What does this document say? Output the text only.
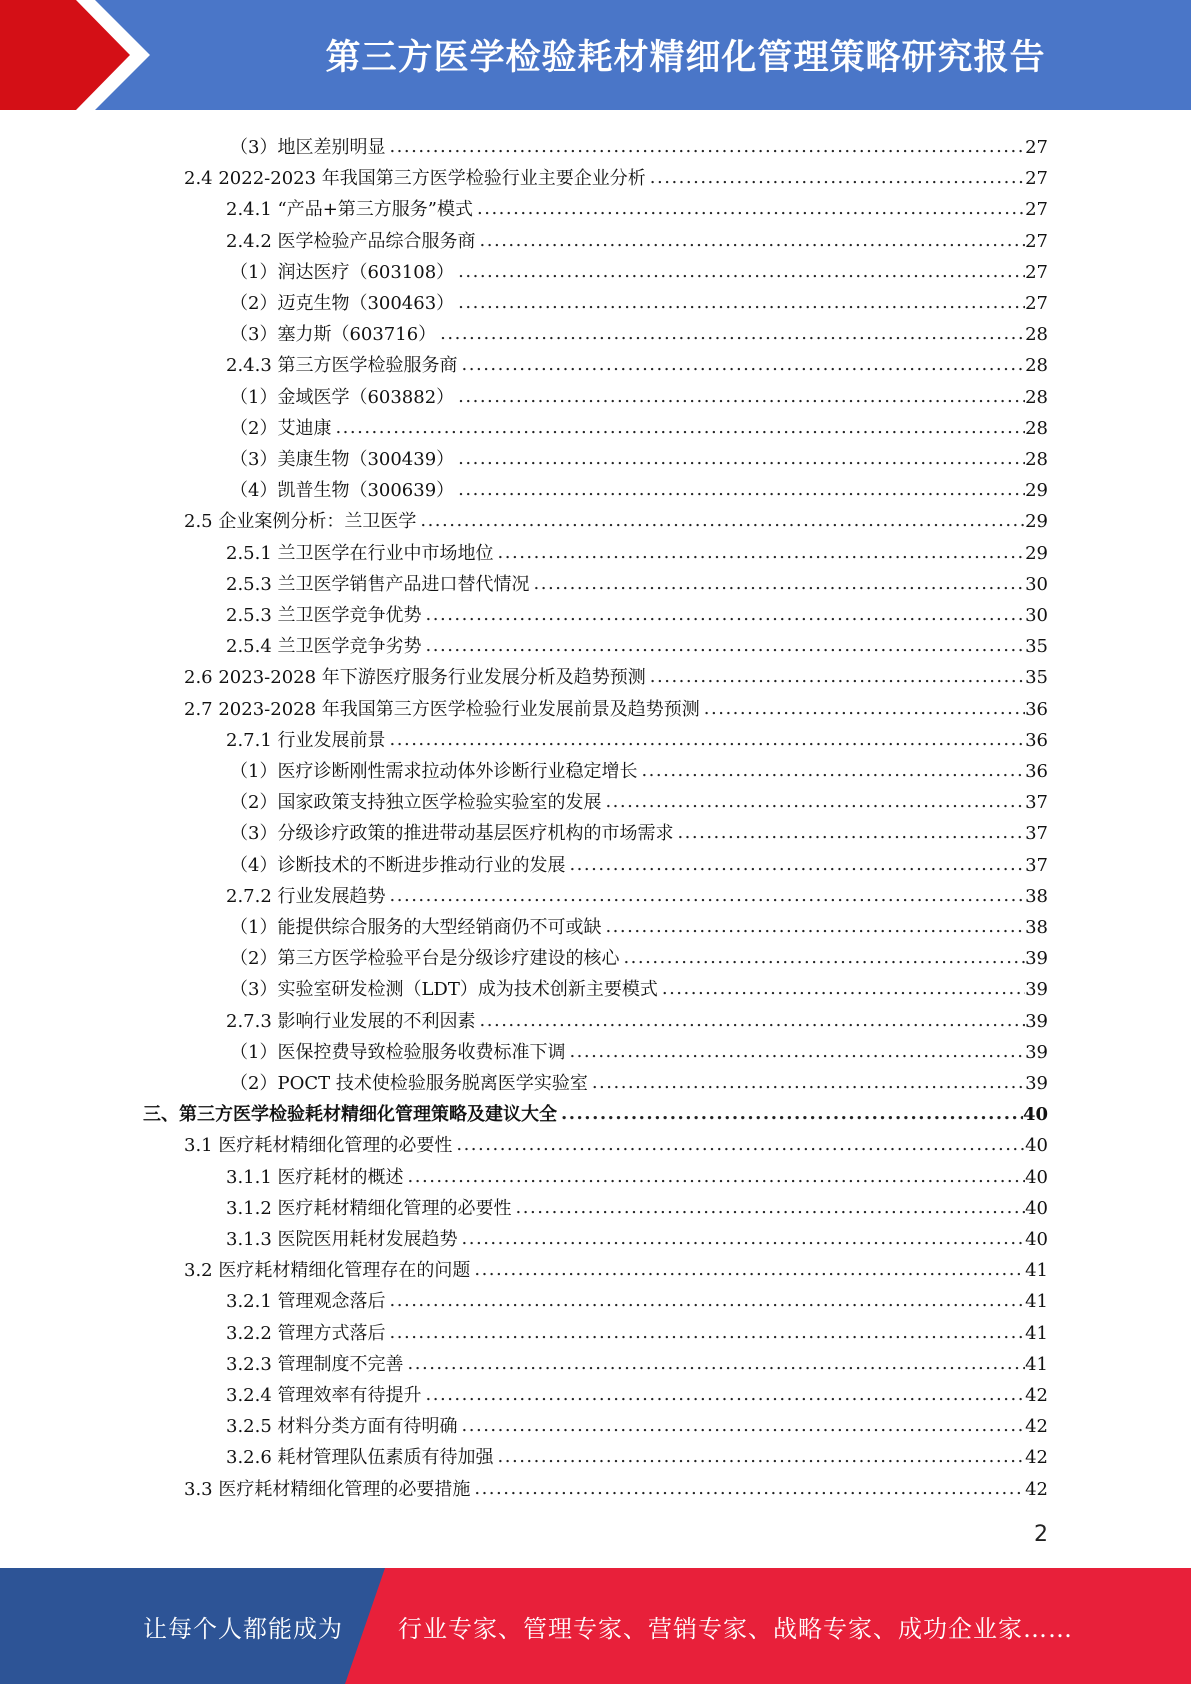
第三方医学检验耗材精细化管理策略研究报告
（3）地区差别明显 .....	27
2.4 2022-2023 年我国第三方医学检验行业主要企业分析 .....	27
2.4.1 “产品+第三方服务”模式 .....	27
2.4.2 医学检验产品综合服务商 .....	27
（1）润达医疗（603108） .....	27
（2）迈克生物（300463） .....	27
（3）塞力斯（603716） .....	28
2.4.3 第三方医学检验服务商 .....	28
（1）金域医学（603882） .....	28
（2）艾迪康 .....	28
（3）美康生物（300439） .....	28
（4）凯普生物（300639） .....	29
2.5 企业案例分析：兰卫医学 .....	29
2.5.1 兰卫医学在行业中市场地位 .....	29
2.5.3 兰卫医学销售产品进口替代情况 .....	30
2.5.3 兰卫医学竞争优势 .....	30
2.5.4 兰卫医学竞争劣势 .....	35
2.6 2023-2028 年下游医疗服务行业发展分析及趋势预测 .....	35
2.7 2023-2028 年我国第三方医学检验行业发展前景及趋势预测 .....	36
2.7.1 行业发展前景 .....	36
（1）医疗诊断刚性需求拉动体外诊断行业稳定增长 .....	36
（2）国家政策支持独立医学检验实验室的发展 .....	37
（3）分级诊疗政策的推进带动基层医疗机构的市场需求 .....	37
（4）诊断技术的不断进步推动行业的发展 .....	37
2.7.2 行业发展趋势 .....	38
（1）能提供综合服务的大型经销商仍不可或缺 .....	38
（2）第三方医学检验平台是分级诊疗建设的核心 .....	39
（3）实验室研发检测（LDT）成为技术创新主要模式 .....	39
2.7.3 影响行业发展的不利因素 .....	39
（1）医保控费导致检验服务收费标准下调 .....	39
（2）POCT 技术使检验服务脱离医学实验室 .....	39
三、第三方医学检验耗材精细化管理策略及建议大全 .....	40
3.1 医疗耗材精细化管理的必要性 .....	40
3.1.1 医疗耗材的概述 .....	40
3.1.2 医疗耗材精细化管理的必要性 .....	40
3.1.3 医院医用耗材发展趋势 .....	40
3.2 医疗耗材精细化管理存在的问题 .....	41
3.2.1 管理观念落后 .....	41
3.2.2 管理方式落后 .....	41
3.2.3 管理制度不完善 .....	41
3.2.4 管理效率有待提升 .....	42
3.2.5 材料分类方面有待明确 .....	42
3.2.6 耗材管理队伍素质有待加强 .....	42
3.3 医疗耗材精细化管理的必要措施 .....	42
2
让每个人都能成为 行业专家、管理专家、营销专家、战略专家、成功企业家……
